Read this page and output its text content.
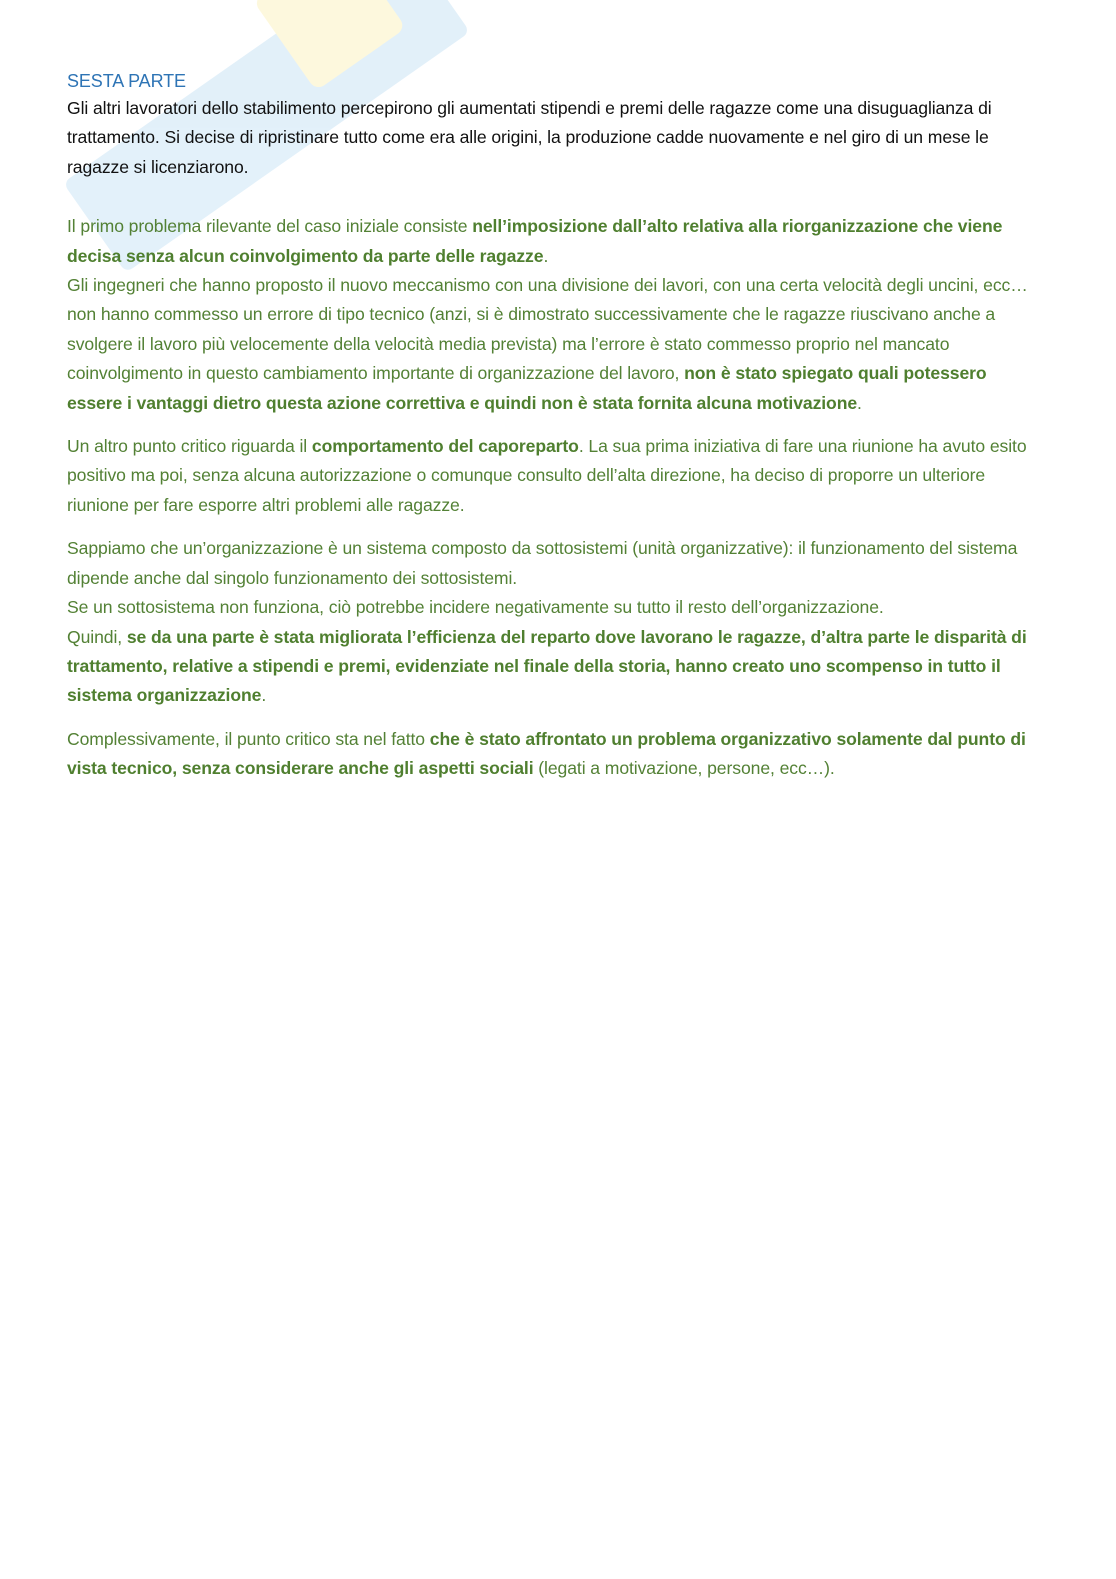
SESTA PARTE

Gli altri lavoratori dello stabilimento percepirono gli aumentati stipendi e premi delle ragazze come una disuguaglianza di trattamento. Si decise di ripristinare tutto come era alle origini, la produzione cadde nuovamente e nel giro di un mese le ragazze si licenziarono.

Il primo problema rilevante del caso iniziale consiste nell’imposizione dall’alto relativa alla riorganizzazione che viene decisa senza alcun coinvolgimento da parte delle ragazze.
Gli ingegneri che hanno proposto il nuovo meccanismo con una divisione dei lavori, con una certa velocità degli uncini, ecc… non hanno commesso un errore di tipo tecnico (anzi, si è dimostrato successivamente che le ragazze riuscivano anche a svolgere il lavoro più velocemente della velocità media prevista) ma l’errore è stato commesso proprio nel mancato coinvolgimento in questo cambiamento importante di organizzazione del lavoro, non è stato spiegato quali potessero essere i vantaggi dietro questa azione correttiva e quindi non è stata fornita alcuna motivazione.

Un altro punto critico riguarda il comportamento del caporeparto. La sua prima iniziativa di fare una riunione ha avuto esito positivo ma poi, senza alcuna autorizzazione o comunque consulto dell’alta direzione, ha deciso di proporre un ulteriore riunione per fare esporre altri problemi alle ragazze.

Sappiamo che un’organizzazione è un sistema composto da sottosistemi (unità organizzative): il funzionamento del sistema dipende anche dal singolo funzionamento dei sottosistemi.
Se un sottosistema non funziona, ciò potrebbe incidere negativamente su tutto il resto dell’organizzazione.
Quindi, se da una parte è stata migliorata l’efficienza del reparto dove lavorano le ragazze, d’altra parte le disparità di trattamento, relative a stipendi e premi, evidenziate nel finale della storia, hanno creato uno scompenso in tutto il sistema organizzazione.

Complessivamente, il punto critico sta nel fatto che è stato affrontato un problema organizzativo solamente dal punto di vista tecnico, senza considerare anche gli aspetti sociali (legati a motivazione, persone, ecc…).
